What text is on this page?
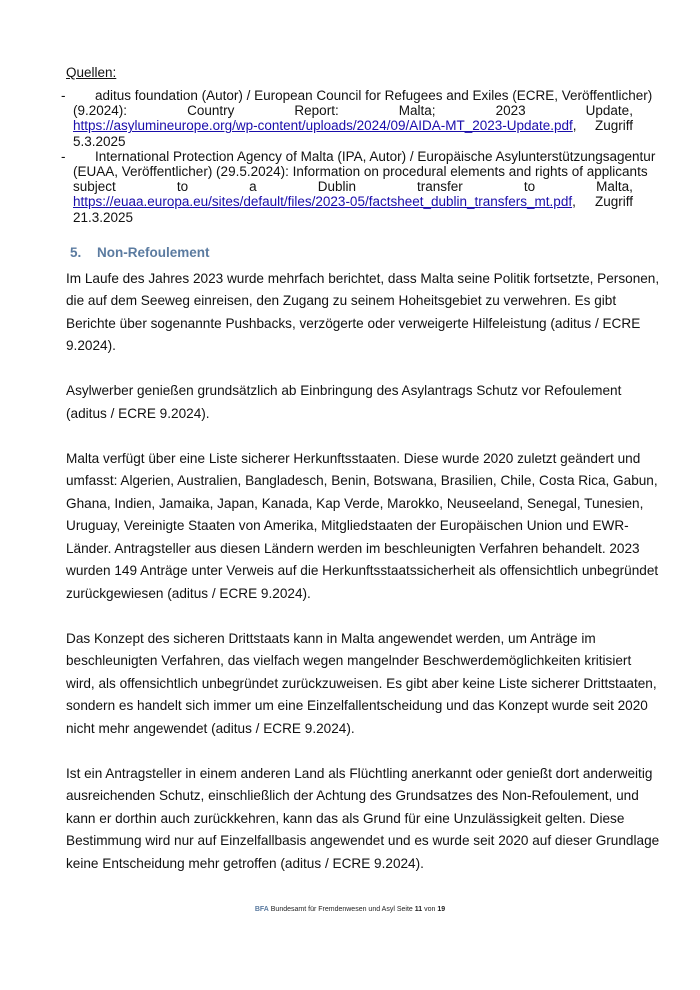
Quellen:
-	aditus foundation (Autor) / European Council for Refugees and Exiles (ECRE, Veröffentlicher)
(9.2024):	Country	Report:	Malta;	2023	Update,
https://asylumineurope.org/wp-content/uploads/2024/09/AIDA-MT_2023-Update.pdf, Zugriff
5.3.2025
-	International Protection Agency of Malta (IPA, Autor) / Europäische Asylunterstützungsagentur
(EUAA, Veröffentlicher) (29.5.2024): Information on procedural elements and rights of applicants
subject	to	a	Dublin	transfer	to	Malta,
https://euaa.europa.eu/sites/default/files/2023-05/factsheet_dublin_transfers_mt.pdf, Zugriff
21.3.2025
5. Non-Refoulement
Im Laufe des Jahres 2023 wurde mehrfach berichtet, dass Malta seine Politik fortsetzte, Personen,
die auf dem Seeweg einreisen, den Zugang zu seinem Hoheitsgebiet zu verwehren. Es gibt
Berichte über sogenannte Pushbacks, verzögerte oder verweigerte Hilfeleistung (aditus / ECRE
9.2024).
Asylwerber genießen grundsätzlich ab Einbringung des Asylantrags Schutz vor Refoulement
(aditus / ECRE 9.2024).
Malta verfügt über eine Liste sicherer Herkunftsstaaten. Diese wurde 2020 zuletzt geändert und
umfasst: Algerien, Australien, Bangladesch, Benin, Botswana, Brasilien, Chile, Costa Rica, Gabun,
Ghana, Indien, Jamaika, Japan, Kanada, Kap Verde, Marokko, Neuseeland, Senegal, Tunesien,
Uruguay, Vereinigte Staaten von Amerika, Mitgliedstaaten der Europäischen Union und EWR-
Länder. Antragsteller aus diesen Ländern werden im beschleunigten Verfahren behandelt. 2023
wurden 149 Anträge unter Verweis auf die Herkunftsstaatssicherheit als offensichtlich unbegründet
zurückgewiesen (aditus / ECRE 9.2024).
Das Konzept des sicheren Drittstaats kann in Malta angewendet werden, um Anträge im
beschleunigten Verfahren, das vielfach wegen mangelnder Beschwerdemöglichkeiten kritisiert
wird, als offensichtlich unbegründet zurückzuweisen. Es gibt aber keine Liste sicherer Drittstaaten,
sondern es handelt sich immer um eine Einzelfallentscheidung und das Konzept wurde seit 2020
nicht mehr angewendet (aditus / ECRE 9.2024).
Ist ein Antragsteller in einem anderen Land als Flüchtling anerkannt oder genießt dort anderweitig
ausreichenden Schutz, einschließlich der Achtung des Grundsatzes des Non-Refoulement, und
kann er dorthin auch zurückkehren, kann das als Grund für eine Unzulässigkeit gelten. Diese
Bestimmung wird nur auf Einzelfallbasis angewendet und es wurde seit 2020 auf dieser Grundlage
keine Entscheidung mehr getroffen (aditus / ECRE 9.2024).
BFA Bundesamt für Fremdenwesen und Asyl Seite 11 von 19
